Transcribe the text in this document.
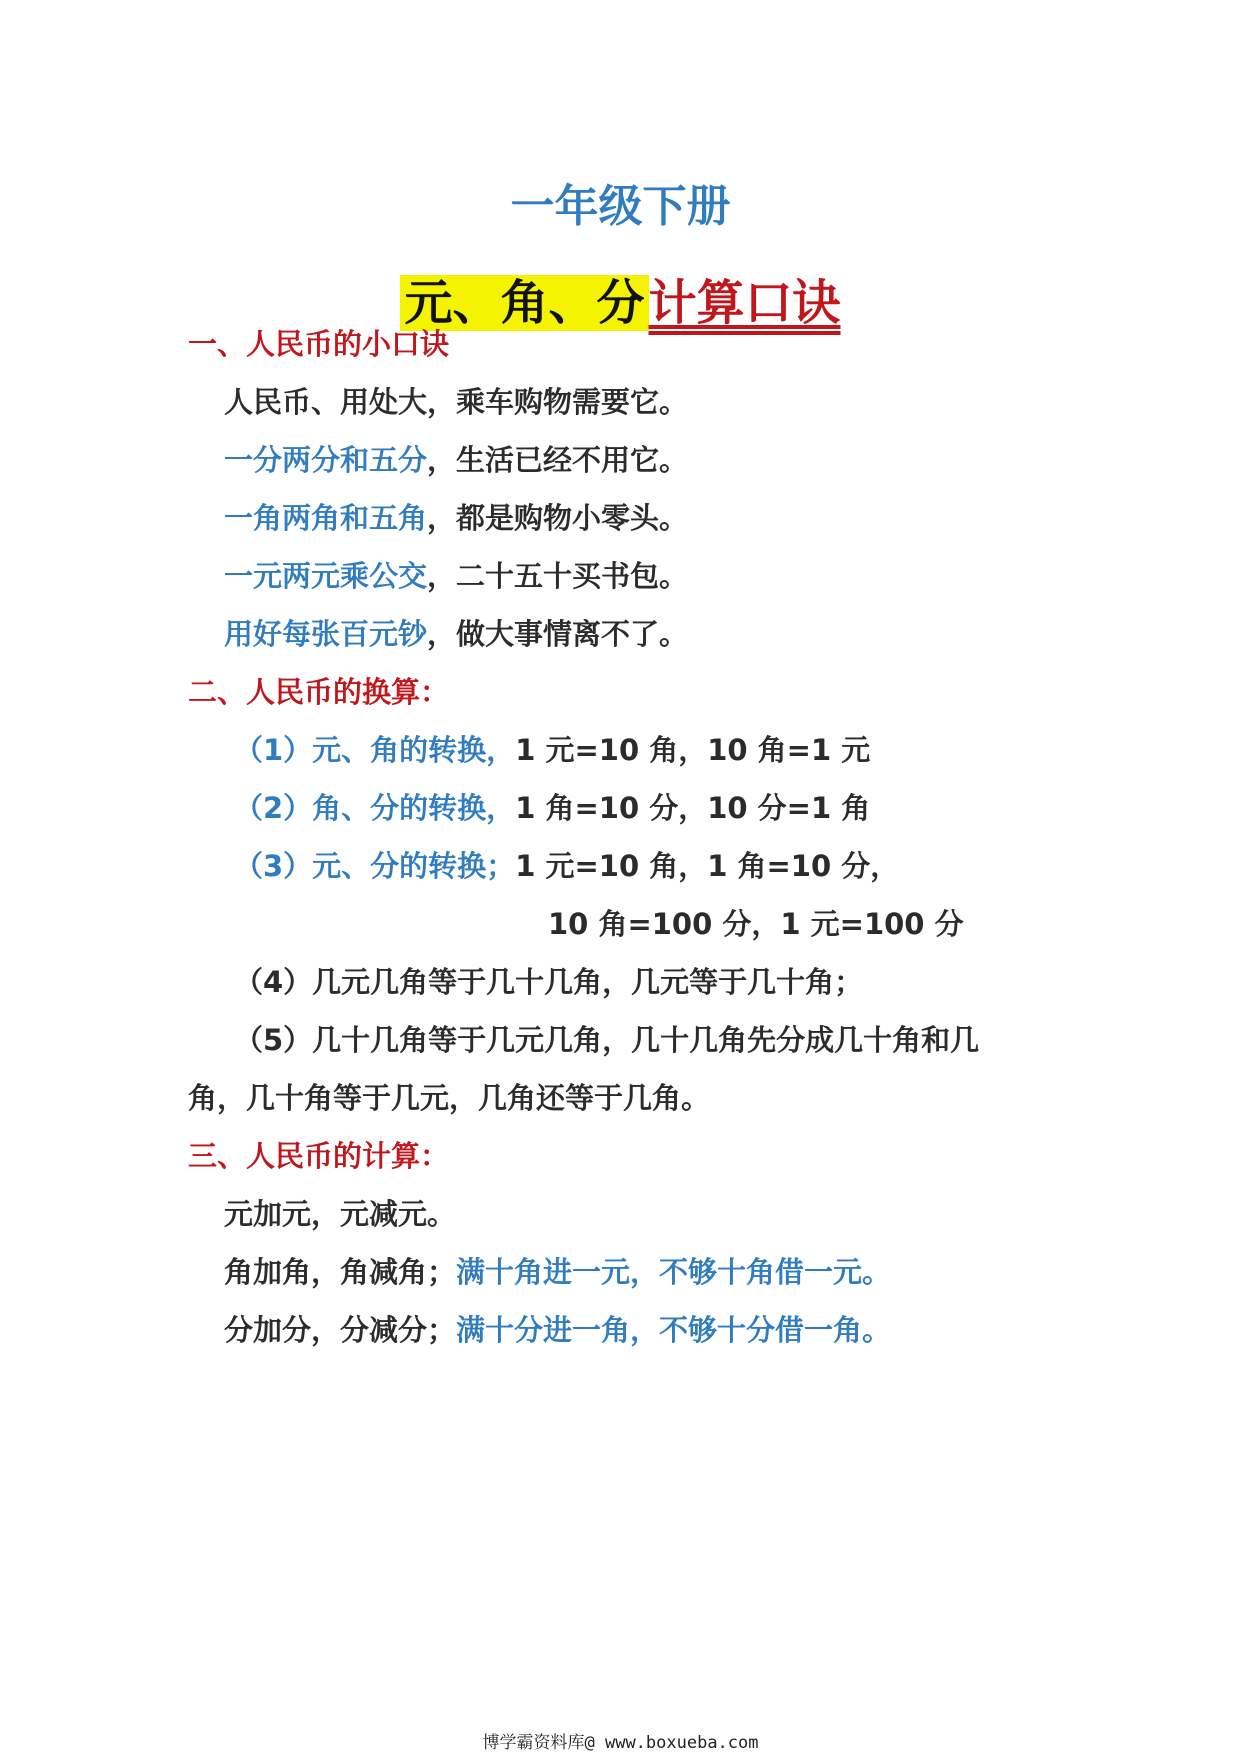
一年级下册
元、角、分计算口诀
一、人民币的小口诀
人民币、用处大，乘车购物需要它。
一分两分和五分，生活已经不用它。
一角两角和五角，都是购物小零头。
一元两元乘公交，二十五十买书包。
用好每张百元钞，做大事情离不了。
二、人民币的换算：
（1）元、角的转换，1 元=10 角，10 角=1 元
（2）角、分的转换，1 角=10 分，10 分=1 角
（3）元、分的转换；1 元=10 角，1 角=10 分，
10 角=100 分，1 元=100 分
（4）几元几角等于几十几角，几元等于几十角；
（5）几十几角等于几元几角，几十几角先分成几十角和几
角，几十角等于几元，几角还等于几角。
三、人民币的计算：
元加元，元减元。
角加角，角减角；满十角进一元，不够十角借一元。
分加分，分减分；满十分进一角，不够十分借一角。
博学霸资料库@ www.boxueba.com
